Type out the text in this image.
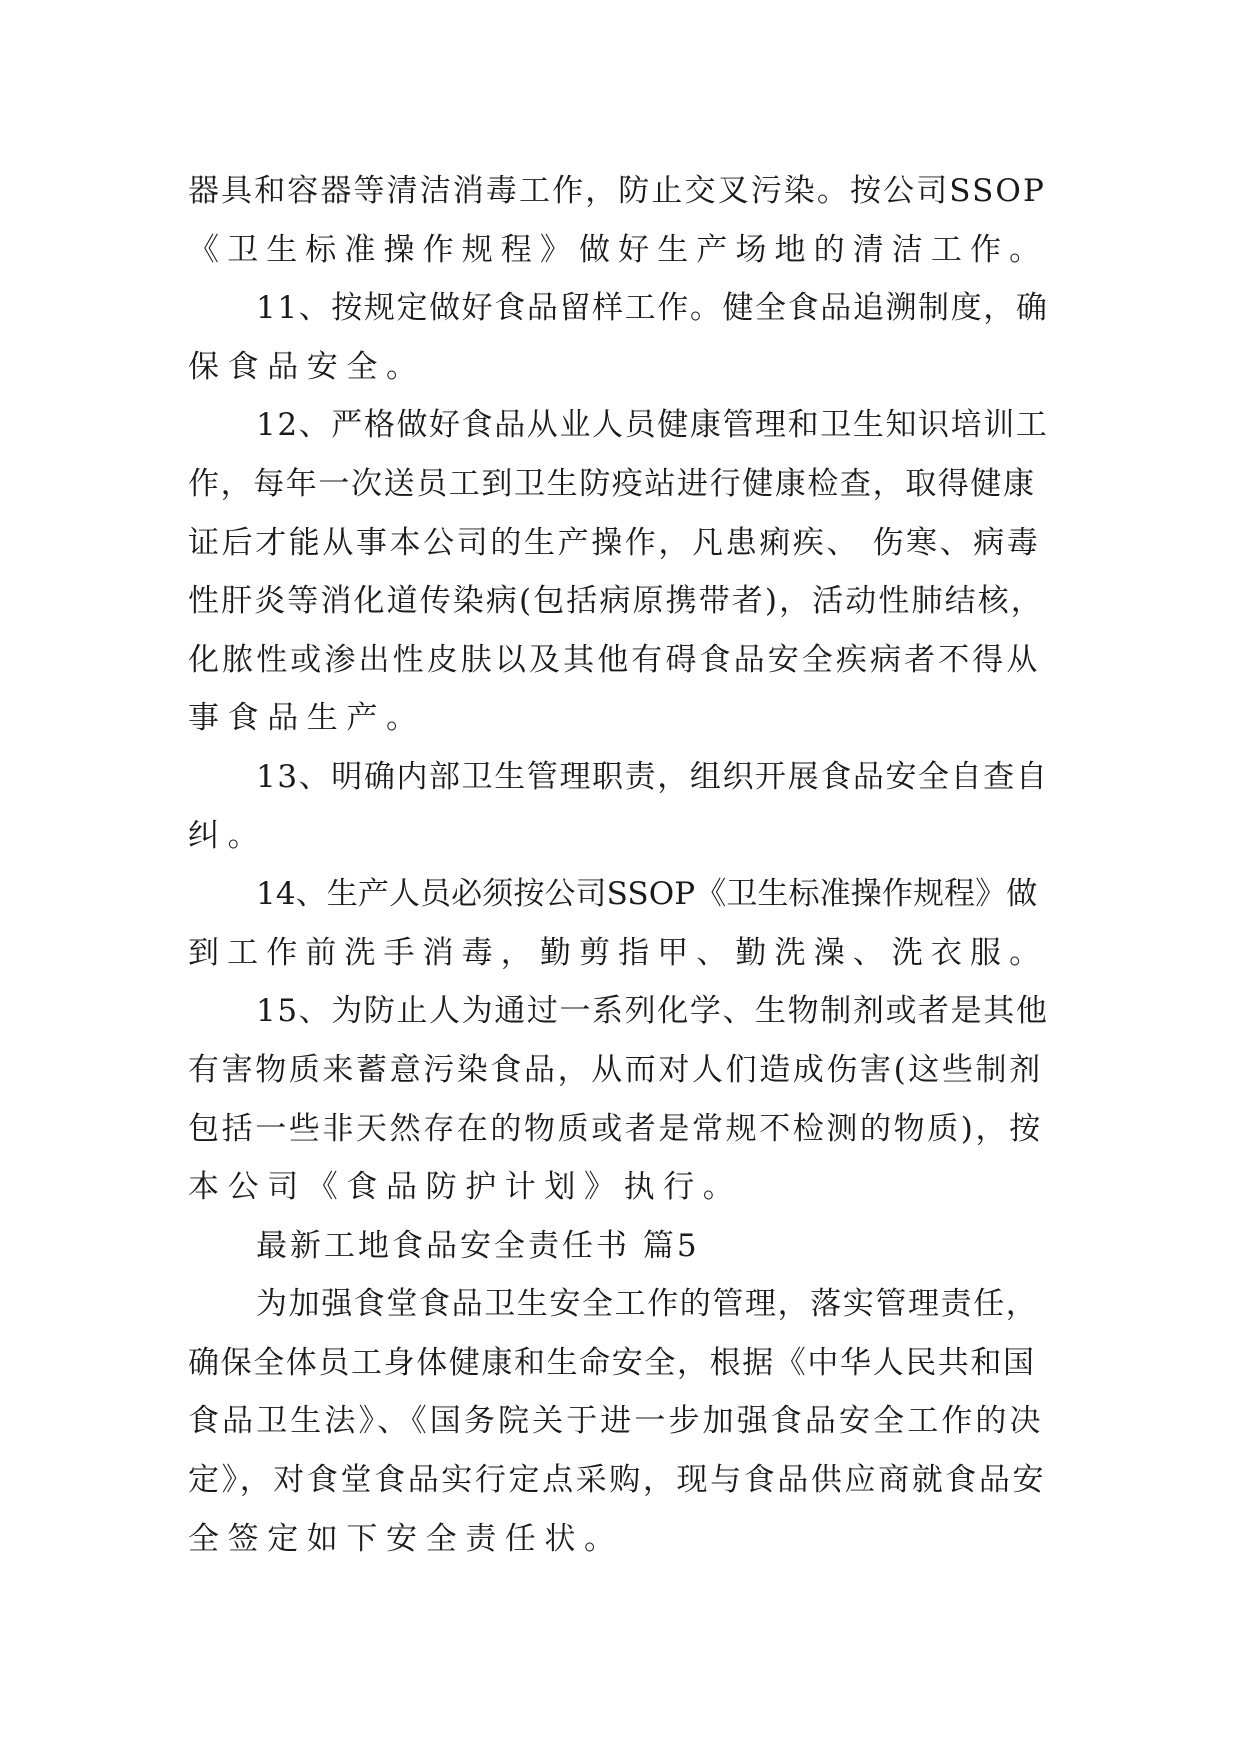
器具和容器等清洁消毒工作，防止交叉污染。按公司SSOP
《卫生标准操作规程》做好生产场地的清洁工作。
11、按规定做好食品留样工作。健全食品追溯制度，确
保食品安全。
12、严格做好食品从业人员健康管理和卫生知识培训工
作，每年一次送员工到卫生防疫站进行健康检查，取得健康
证后才能从事本公司的生产操作，凡患痢疾、 伤寒、病毒
性肝炎等消化道传染病(包括病原携带者)，活动性肺结核，
化脓性或渗出性皮肤以及其他有碍食品安全疾病者不得从
事食品生产。
13、明确内部卫生管理职责，组织开展食品安全自查自
纠。
14、生产人员必须按公司SSOP《卫生标准操作规程》做
到工作前洗手消毒，勤剪指甲、勤洗澡、洗衣服。
15、为防止人为通过一系列化学、生物制剂或者是其他
有害物质来蓄意污染食品，从而对人们造成伤害(这些制剂
包括一些非天然存在的物质或者是常规不检测的物质)，按
本公司《食品防护计划》执行。
最新工地食品安全责任书 篇5
为加强食堂食品卫生安全工作的管理，落实管理责任，
确保全体员工身体健康和生命安全，根据《中华人民共和国
食品卫生法》、《国务院关于进一步加强食品安全工作的决
定》，对食堂食品实行定点采购，现与食品供应商就食品安
全签定如下安全责任状。
